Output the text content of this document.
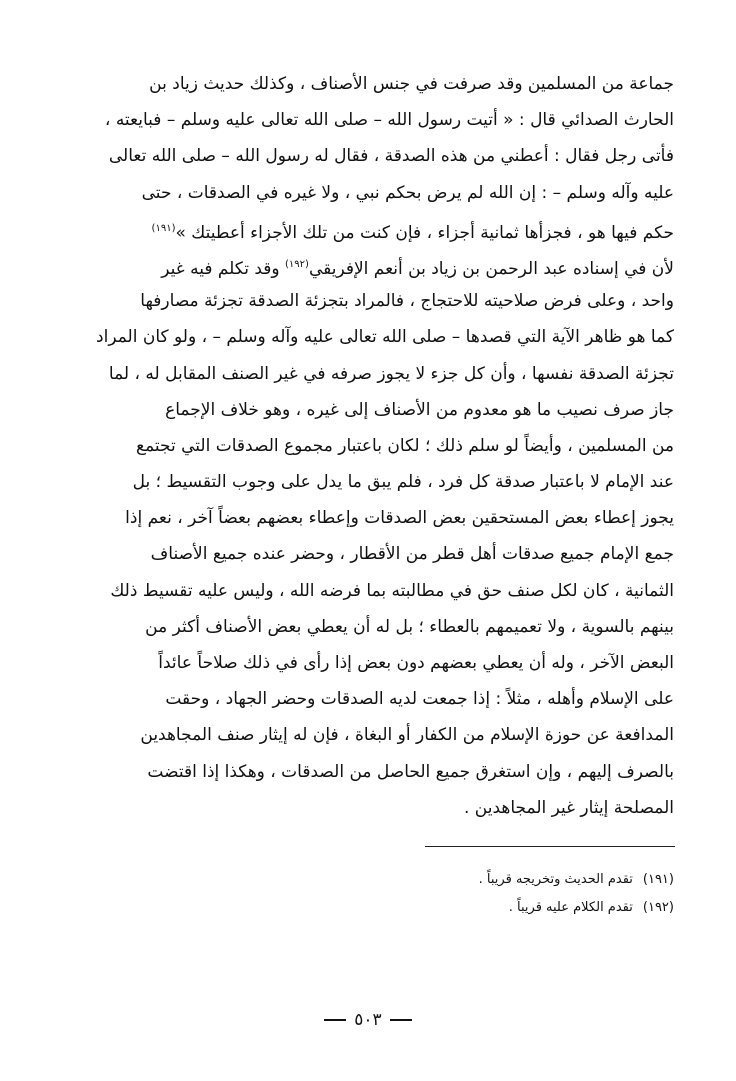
جماعة من المسلمين وقد صرفت في جنس الأصناف ، وكذلك حديث زياد بن
الحارث الصدائي قال : « أتيت رسول الله – صلى الله تعالى عليه وسلم – فبايعته ،
فأتى رجل فقال : أعطني من هذه الصدقة ، فقال له رسول الله – صلى الله تعالى
عليه وآله وسلم – : إن الله لم يرض بحكم نبي ، ولا غيره في الصدقات ، حتى
حكم فيها هو ، فجزأها ثمانية أجزاء ، فإن كنت من تلك الأجزاء أعطيتك »$^{(١٩١)}$
لأن في إسناده عبد الرحمن بن زياد بن أنعم الإفريقي$^{(١٩٢)}$ وقد تكلم فيه غير
واحد ، وعلى فرض صلاحيته للاحتجاج ، فالمراد بتجزئة الصدقة تجزئة مصارفها
كما هو ظاهر الآية التي قصدها – صلى الله تعالى عليه وآله وسلم – ، ولو كان المراد
تجزئة الصدقة نفسها ، وأن كل جزء لا يجوز صرفه في غير الصنف المقابل له ، لما
جاز صرف نصيب ما هو معدوم من الأصناف إلى غيره ، وهو خلاف الإجماع
من المسلمين ، وأيضاً لو سلم ذلك ؛ لكان باعتبار مجموع الصدقات التي تجتمع
عند الإمام لا باعتبار صدقة كل فرد ، فلم يبق ما يدل على وجوب التقسيط ؛ بل
يجوز إعطاء بعض المستحقين بعض الصدقات وإعطاء بعضهم بعضاً آخر ، نعم إذا
جمع الإمام جميع صدقات أهل قطر من الأقطار ، وحضر عنده جميع الأصناف
الثمانية ، كان لكل صنف حق في مطالبته بما فرضه الله ، وليس عليه تقسيط ذلك
بينهم بالسوية ، ولا تعميمهم بالعطاء ؛ بل له أن يعطي بعض الأصناف أكثر من
البعض الآخر ، وله أن يعطي بعضهم دون بعض إذا رأى في ذلك صلاحاً عائداً
على الإسلام وأهله ، مثلاً : إذا جمعت لديه الصدقات وحضر الجهاد ، وحقت
المدافعة عن حوزة الإسلام من الكفار أو البغاة ، فإن له إيثار صنف المجاهدين
بالصرف إليهم ، وإن استغرق جميع الحاصل من الصدقات ، وهكذا إذا اقتضت
المصلحة إيثار غير المجاهدين .
(١٩١)تقدم الحديث وتخريجه قريباً .
(١٩٢)تقدم الكلام عليه قريباً .
٥٠٣
